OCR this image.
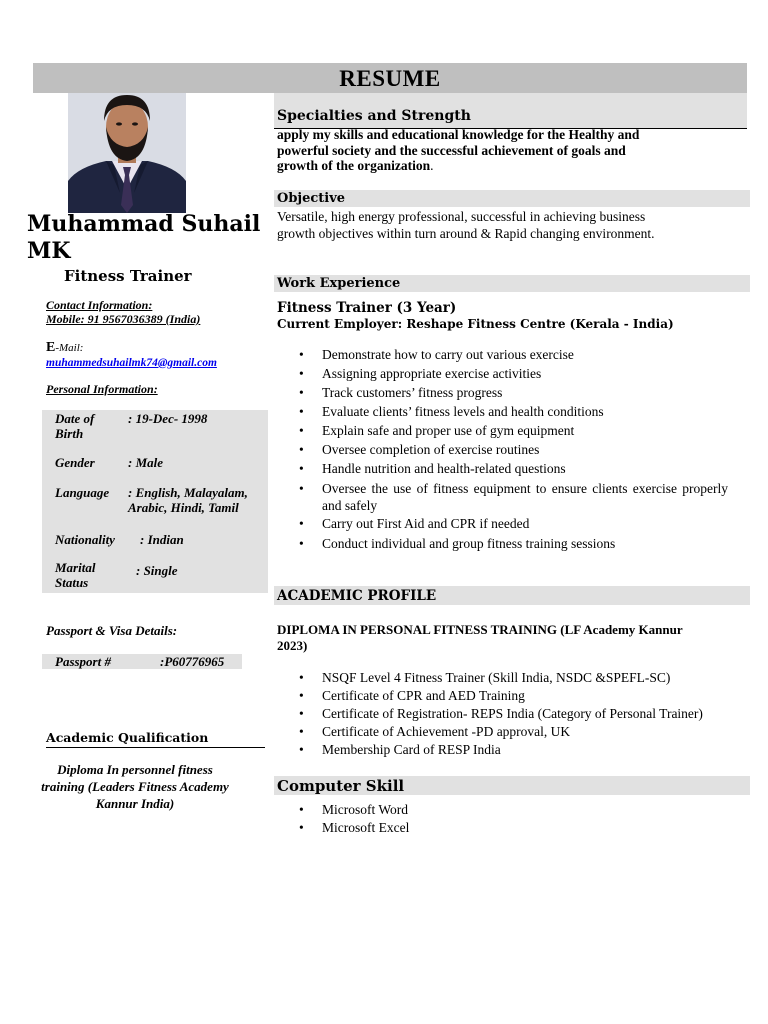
RESUME
Muhammad Suhail MK
Fitness Trainer
Contact Information:
Mobile: 91 9567036389 (India)
E-Mail:
muhammedsuhailmk74@gmail.com
Personal Information:
Date of
Birth
: 19-Dec- 1998
Gender	: Male
Language : English, Malayalam,
Arabic, Hindi, Tamil
Nationality : Indian
Marital
Status
: Single
Passport & Visa Details:
Passport #	:P60776965
Academic Qualification
Diploma In personnel fitness
training (Leaders Fitness Academy
Kannur India)
Specialties and Strength
apply my skills and educational knowledge for the Healthy and
powerful society and the successful achievement of goals and
growth of the organization.
Objective
Versatile, high energy professional, successful in achieving business
growth objectives within turn around & Rapid changing environment.
Work Experience
Fitness Trainer (3 Year)
Current Employer: Reshape Fitness Centre (Kerala - India)
• Demonstrate how to carry out various exercise
• Assigning appropriate exercise activities
• Track customers’ fitness progress
• Evaluate clients’ fitness levels and health conditions
• Explain safe and proper use of gym equipment
• Oversee completion of exercise routines
• Handle nutrition and health-related questions
• Oversee the use of fitness equipment to ensure clients exercise properly and safely
• Carry out First Aid and CPR if needed
• Conduct individual and group fitness training sessions
ACADEMIC PROFILE
DIPLOMA IN PERSONAL FITNESS TRAINING (LF Academy Kannur
2023)
• NSQF Level 4 Fitness Trainer (Skill India, NSDC &SPEFL-SC)
• Certificate of CPR and AED Training
• Certificate of Registration- REPS India (Category of Personal Trainer)
• Certificate of Achievement -PD approval, UK
• Membership Card of RESP India
Computer Skill
• Microsoft Word
• Microsoft Excel
